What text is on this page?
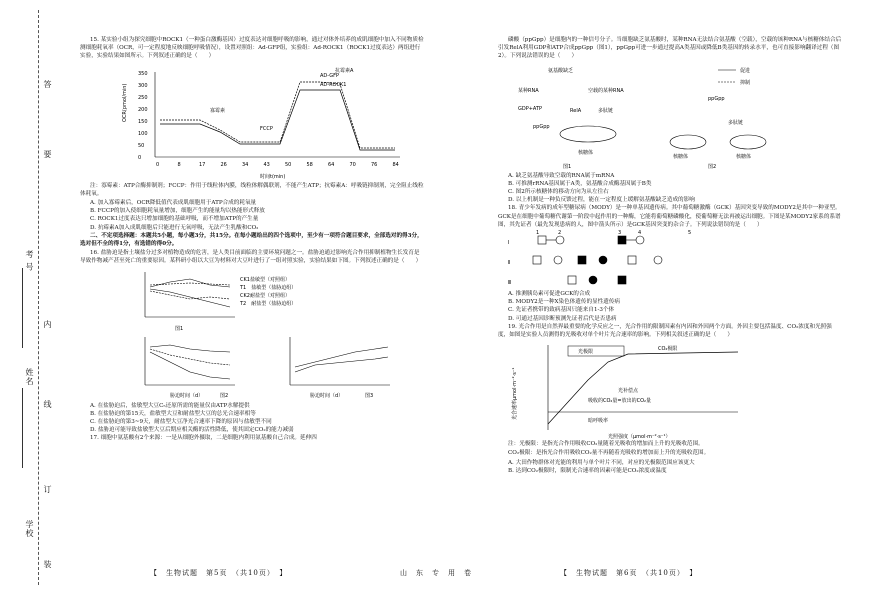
要
答
内
线
订
装
考 号
姓名
学校

15. 某实验小组为探究细胞中ROCK1（一种蛋白激酶基因）过度表达对细胞呼吸的影响，通过对体外培养的成肌细胞中加入不同物质检测细胞耗氧率（OCR，可一定程度地反映细胞呼吸情况），设置对照组：Ad-GFP组，实验组：Ad-ROCK1（ROCK1过度表达）两组进行实验，实验结果如图所示。下列叙述正确的是（　　）

OCR(pmol/min)
时间t(min)
0
50
100
150
200
250
300
350
0	8	17	26	34	43	50	58	64	70	76	84
AD-GFP
AD-ROCK1
寡霉素
FCCP
抗霉素A

注：寡霉素：ATP合酶抑制剂；FCCP：作用于线粒体内膜，线粒体解偶联剂，不能产生ATP；抗霉素A：呼吸链抑制剂，完全阻止线粒体耗氧。

A. 加入寡霉素后，OCR降低值代表成肌细胞用于ATP合成的耗氧量

B. FCCP的加入使细胞耗氧量增加，细胞产生的能量均以热能形式释放

C. ROCK1过度表达只增加细胞的基础呼吸，而不增加ATP的产生量

D. 抗霉素A加入成肌细胞后只能进行无氧呼吸，无法产生乳酸和CO₂

二、不定项选择题：本题共5小题，每小题3分，共15分。在每小题给出的四个选项中，至少有一项符合题目要求，全部选对的得3分，选对但不全的得1分，有选错的得0分。

16. 盐胁迫是指土壤盐分过多对植物造成的危害，是人类目前面临的主要环境问题之一。盐胁迫通过影响光合作用抑制植物生长发育是导致作物减产甚至死亡的重要原因。某科研小组以大豆为材料对大豆叶进行了一组对照实验，实验结果如下图。下列叙述正确的是（　　）

图1
CK1盐敏型（对照组）
T1　盐敏型（盐胁迫组）
CK2耐盐型（对照组）
T2　耐盐型（盐胁迫组）
胁迫时间（d）	图2	胁迫时间（d）	图3

A. 在盐胁迫后，盐敏型大豆C₅还原所需的能量仅由ATP水解提供

B. 在盐胁迫的第15天，盐敏型大豆和耐盐型大豆的总光合速率相等

C. 在盐胁迫的第3~9天，耐盐型大豆净光合速率下降的原因与盐敏型不同

D. 盐胁迫可能导致盐敏型大豆后期应相关酶的活性降低，使其固定CO₂的能力减弱

17. 细胞中氨基酸有2个来源：一是从细胞外摄取，二是细胞内利用氨基酸自己合成。延伸四

磷酸（ppGpp）是细胞内的一种信号分子。当细胞缺乏氨基酸时，某种RNA无法结合氨基酸（空载），空载的该种RNA与核糖体结合后引发RelA利用GDP和ATP合成ppGpp（图1），ppGpp可进一步通过提高A类基因或降低B类基因的转录水平，也可直接影响翻译过程（图2）。下列说法错误的是（　　）

氨基酸缺乏
某种RNA	空载的某种RNA
GDP+ATP	RelA	多肽链
ppGpp
核糖体
图1
促进
抑制
ppGpp
多肽链
核糖体	核糖体
图2

A. 缺乏氨基酸导致空载的RNA属于mRNA

B. 可推测rRNA基因属于A类，氨基酸合成酶基因属于B类

C. 图2所示核糖体的移动方向为从左往右

D. 以上机制是一种负反馈过程，能在一定程度上缓解氨基酸缺乏造成的影响

18. 青少年发病的成年型糖尿病（MODY）是一种单基因遗传病。其中葡萄糖激酶（GCK）基因突变导致的MODY2是其中一种亚型。GCK是在细胞中葡萄糖代谢第一阶段中起作用的一种酶，它能将葡萄糖磷酸化，使葡萄糖无法再被运出细胞。下图是某MODY2家系的系谱图，其先证者（最先发现患病的人，图中箭头所示）是GCK基因突变的杂合子。下列说法错误的是（　　）

Ⅰ
Ⅱ
Ⅲ
1	2	3	4	5

A. 推测胰岛素可促进GCK的合成

B. MODY2是一种X染色体遗传的显性遗传病

C. 先证者携带的致病基因只能来自1-3个体

D. 可通过基因诊断预测先证者后代是否患病

19. 光合作用是自然界最重要的化学反应之一，光合作用的限制因素有内因和外因两个方面。外因主要包括温度、CO₂浓度和光照强度，如图是实验人员测得的光吸收对单个叶片光合速率的影响。下列相关叙述正确的是（　　）

光合速率μmol·m⁻²·s⁻¹
光照强度（μmol·m⁻²·s⁻¹）
光极限	CO₂极限
光补偿点
吸收的CO₂量=放出的CO₂量
暗呼吸率

注：光极限：是指光合作用吸收CO₂量随着光吸收的增加而上升的光吸收范围。

CO₂极限：是指光合作用吸收CO₂量不再随着光吸收的增加而上升的光吸收范围。

A. 大田作物群体对光能的利用与单个叶片不同，对应的光极限范围应该更大

B. 达到CO₂极限时，限制光合速率的因素可能是CO₂浓度或温度

【　生物试题　第5页　（共10页）　】	山　东　专　用　卷	【　生物试题　第6页　（共10页）　】
